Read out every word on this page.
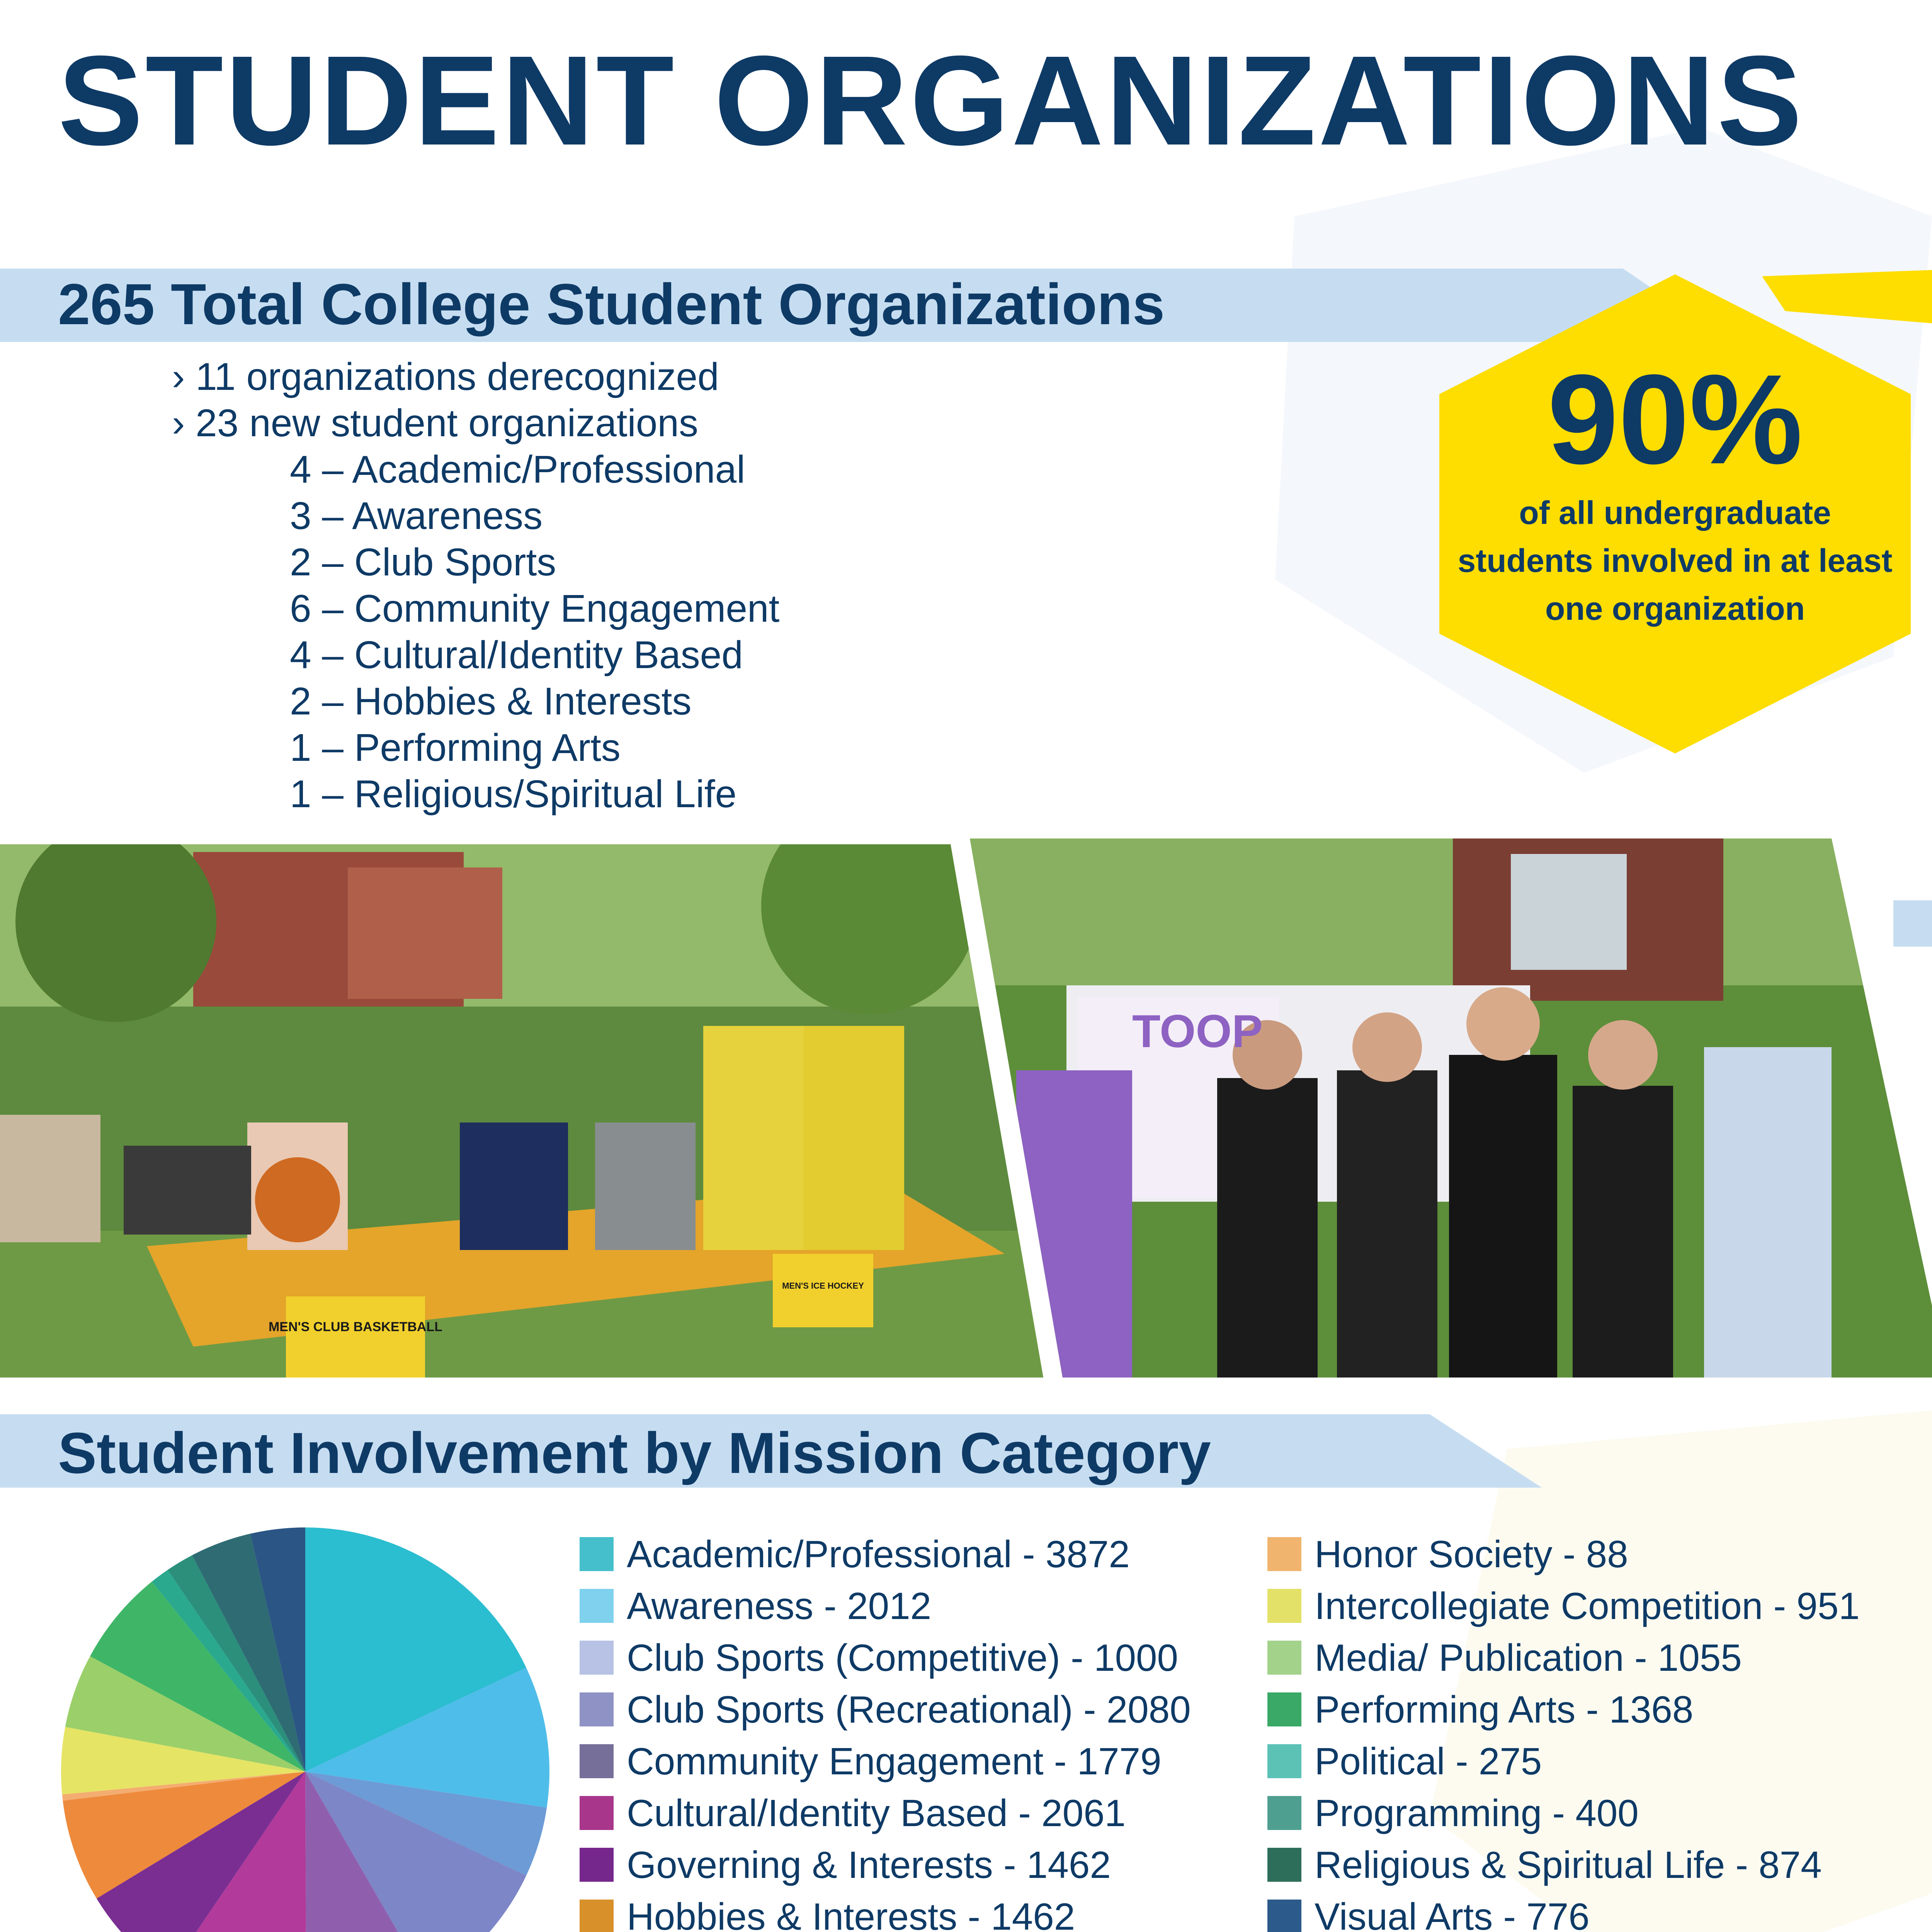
STUDENT ORGANIZATIONS
265 Total College Student Organizations
› 11 organizations derecognized
› 23 new student organizations
4 – Academic/Professional
3 – Awareness
2 – Club Sports
6 – Community Engagement
4 – Cultural/Identity Based
2 – Hobbies & Interests
1 – Performing Arts
1 – Religious/Spiritual Life
90%
of all undergraduate students involved in at least one organization
MEN'S CLUB BASKETBALL
MEN'S ICE HOCKEY
TOOP
Student Involvement by Mission Category
Academic/Professional - 3872
Awareness - 2012
Club Sports (Competitive) - 1000
Club Sports (Recreational) - 2080
Community Engagement - 1779
Cultural/Identity Based - 2061
Governing & Interests - 1462
Hobbies & Interests - 1462
Honor Society - 88
Intercollegiate Competition - 951
Media/ Publication - 1055
Performing Arts - 1368
Political - 275
Programming - 400
Religious & Spiritual Life - 874
Visual Arts - 776
